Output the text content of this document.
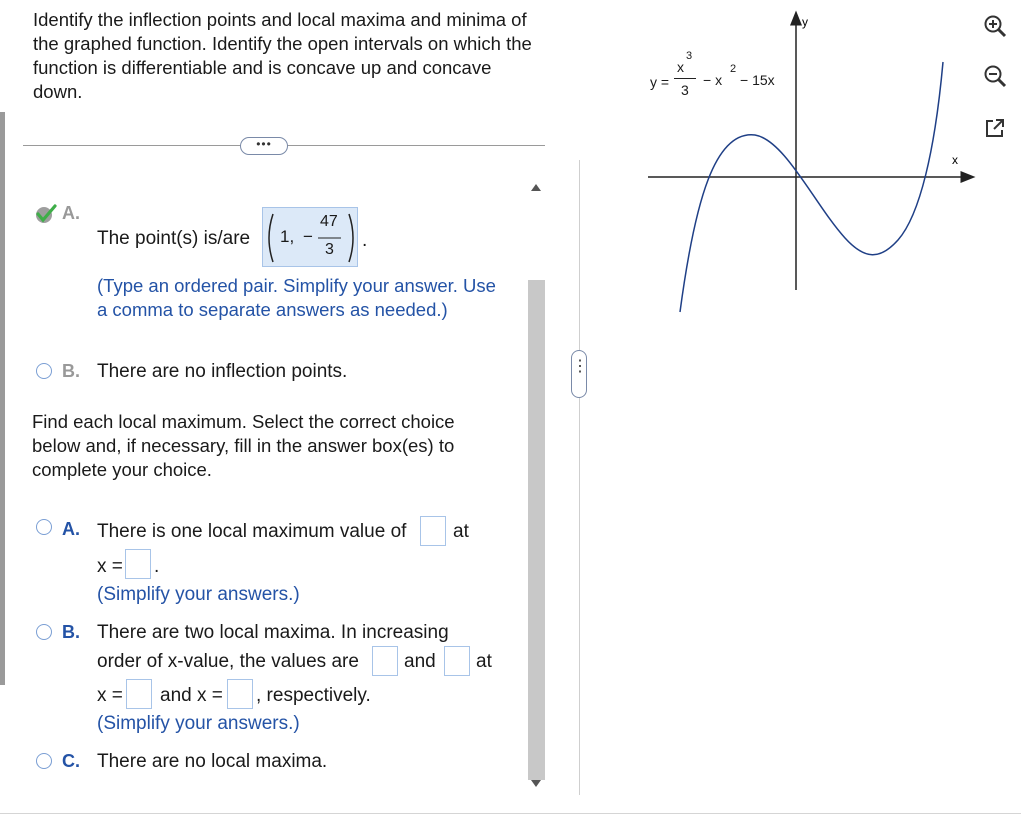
Identify the inflection points and local maxima and minima of the graphed function. Identify the open intervals on which the function is differentiable and is concave up and concave down.
•••
A.
The point(s) is/are 1, −
47
3 .
(Type an ordered pair. Simplify your answer. Use a comma to separate answers as needed.)
B. There are no inflection points.
Find each local maximum. Select the correct choice below and, if necessary, fill in the answer box(es) to complete your choice.
A. There is one local maximum value of at
x = .
(Simplify your answers.)
B. There are two local maxima. In increasing
order of x-value, the values are and at
x = and x = , respectively.
(Simplify your answers.)
C. There are no local maxima.
⋮
y =
x
3
3
− x
2
− 15x
x
y
